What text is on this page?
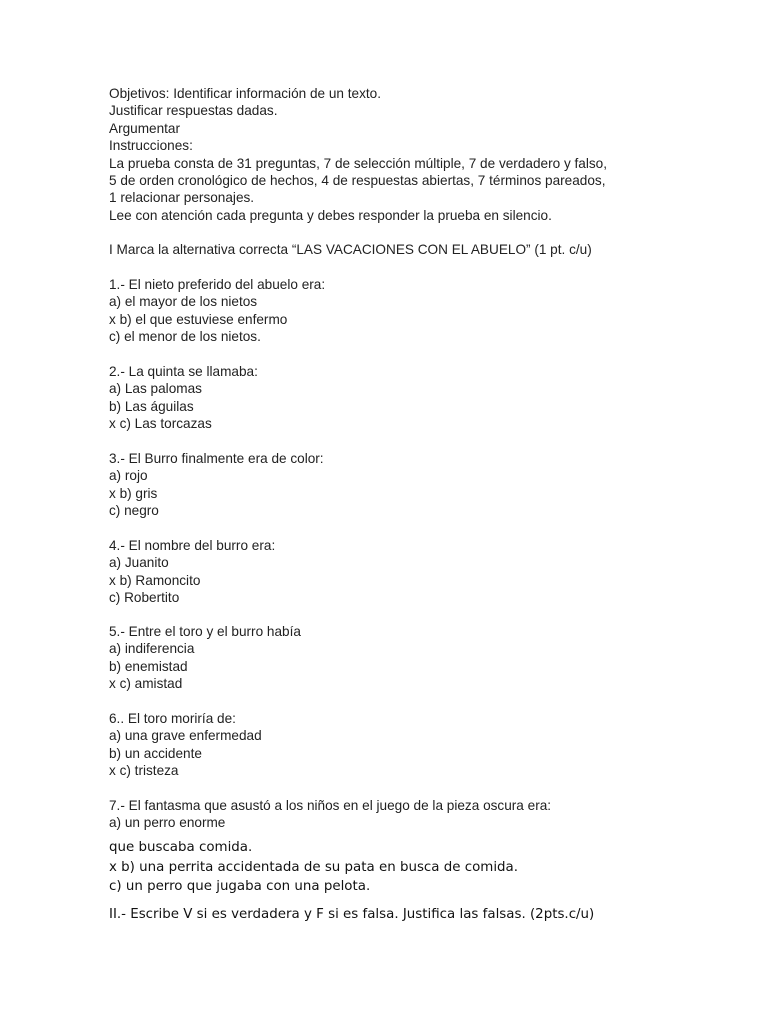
Objetivos: Identificar información de un texto.
Justificar respuestas dadas.
Argumentar
Instrucciones:
La prueba consta de 31 preguntas, 7 de selección múltiple, 7 de verdadero y falso,
5 de orden cronológico de hechos, 4 de respuestas abiertas, 7 términos pareados,
1 relacionar personajes.
Lee con atención cada pregunta y debes responder la prueba en silencio.
I Marca la alternativa correcta “LAS VACACIONES CON EL ABUELO” (1 pt. c/u)
1.- El nieto preferido del abuelo era:
a) el mayor de los nietos
x b) el que estuviese enfermo
c) el menor de los nietos.
2.- La quinta se llamaba:
a) Las palomas
b) Las águilas
x c) Las torcazas
3.- El Burro finalmente era de color:
a) rojo
x b) gris
c) negro
4.- El nombre del burro era:
a) Juanito
x b) Ramoncito
c) Robertito
5.- Entre el toro y el burro había
a) indiferencia
b) enemistad
x c) amistad
6.. El toro moriría de:
a) una grave enfermedad
b) un accidente
x c) tristeza
7.- El fantasma que asustó a los niños en el juego de la pieza oscura era:
a) un perro enorme
que buscaba comida.
x b) una perrita accidentada de su pata en busca de comida.
c) un perro que jugaba con una pelota.
II.- Escribe V si es verdadera y F si es falsa. Justifica las falsas. (2pts.c/u)
